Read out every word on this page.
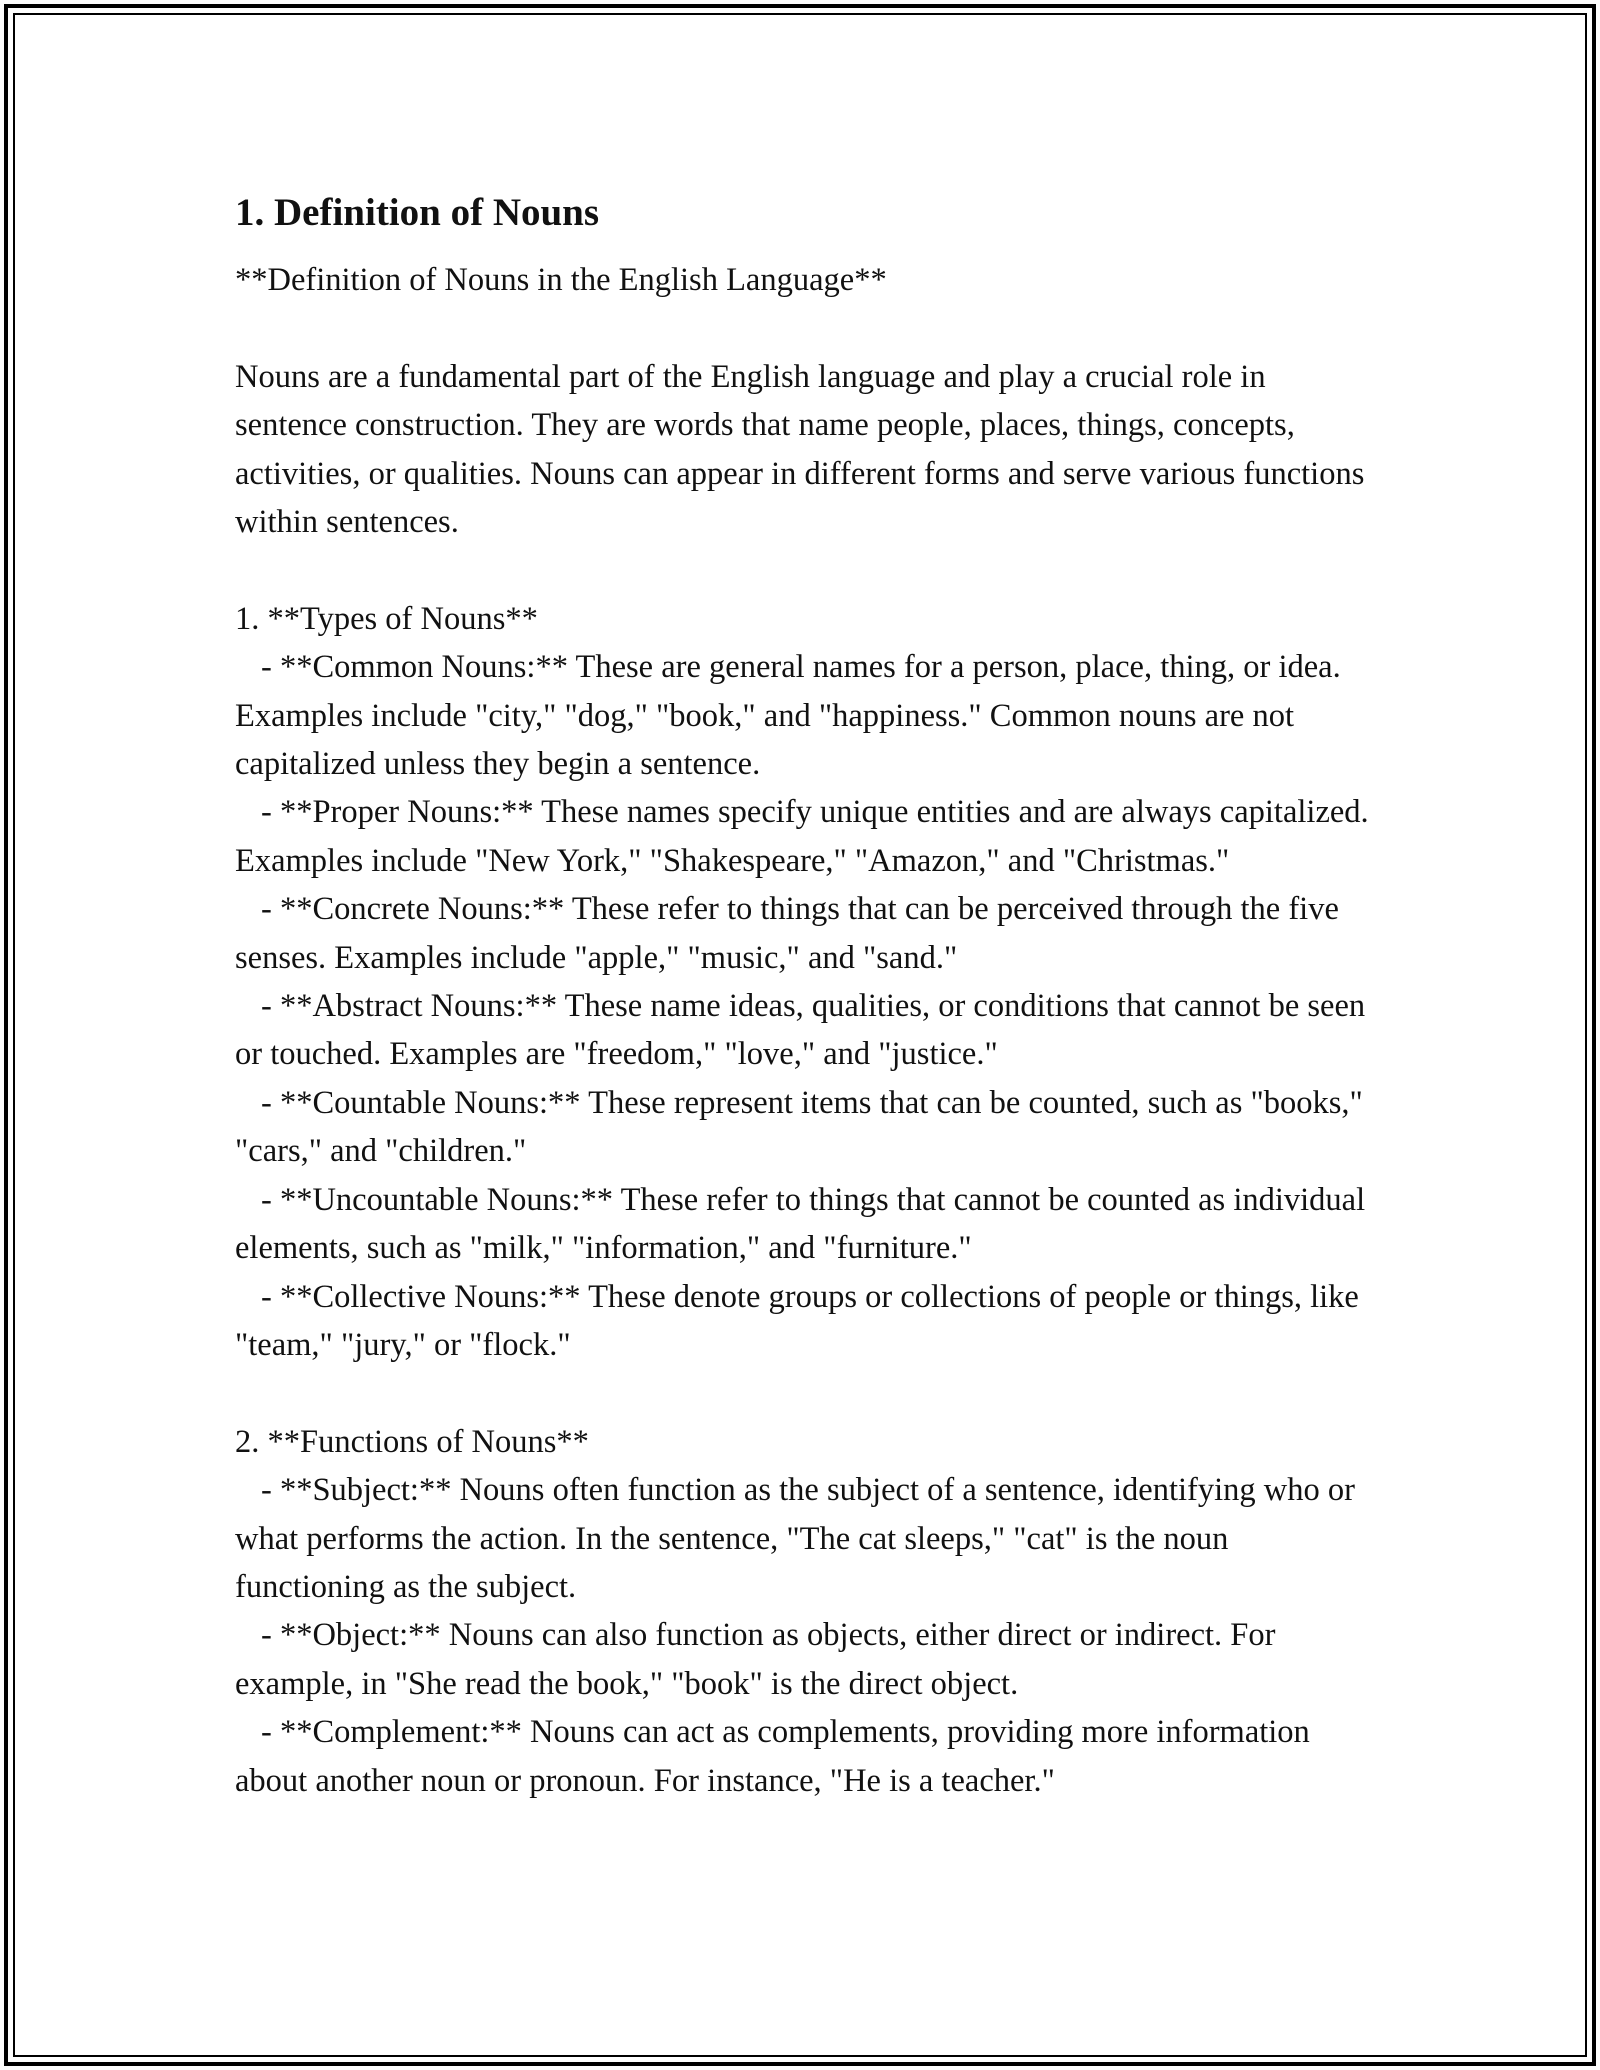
1. Definition of Nouns

**Definition of Nouns in the English Language**

Nouns are a fundamental part of the English language and play a crucial role in sentence construction. They are words that name people, places, things, concepts, activities, or qualities. Nouns can appear in different forms and serve various functions within sentences.

1. **Types of Nouns**

- **Common Nouns:** These are general names for a person, place, thing, or idea. Examples include "city," "dog," "book," and "happiness." Common nouns are not capitalized unless they begin a sentence.

- **Proper Nouns:** These names specify unique entities and are always capitalized. Examples include "New York," "Shakespeare," "Amazon," and "Christmas."

- **Concrete Nouns:** These refer to things that can be perceived through the five senses. Examples include "apple," "music," and "sand."

- **Abstract Nouns:** These name ideas, qualities, or conditions that cannot be seen or touched. Examples are "freedom," "love," and "justice."

- **Countable Nouns:** These represent items that can be counted, such as "books," "cars," and "children."

- **Uncountable Nouns:** These refer to things that cannot be counted as individual elements, such as "milk," "information," and "furniture."

- **Collective Nouns:** These denote groups or collections of people or things, like "team," "jury," or "flock."

2. **Functions of Nouns**

- **Subject:** Nouns often function as the subject of a sentence, identifying who or what performs the action. In the sentence, "The cat sleeps," "cat" is the noun functioning as the subject.

- **Object:** Nouns can also function as objects, either direct or indirect. For example, in "She read the book," "book" is the direct object.

- **Complement:** Nouns can act as complements, providing more information about another noun or pronoun. For instance, "He is a teacher."
